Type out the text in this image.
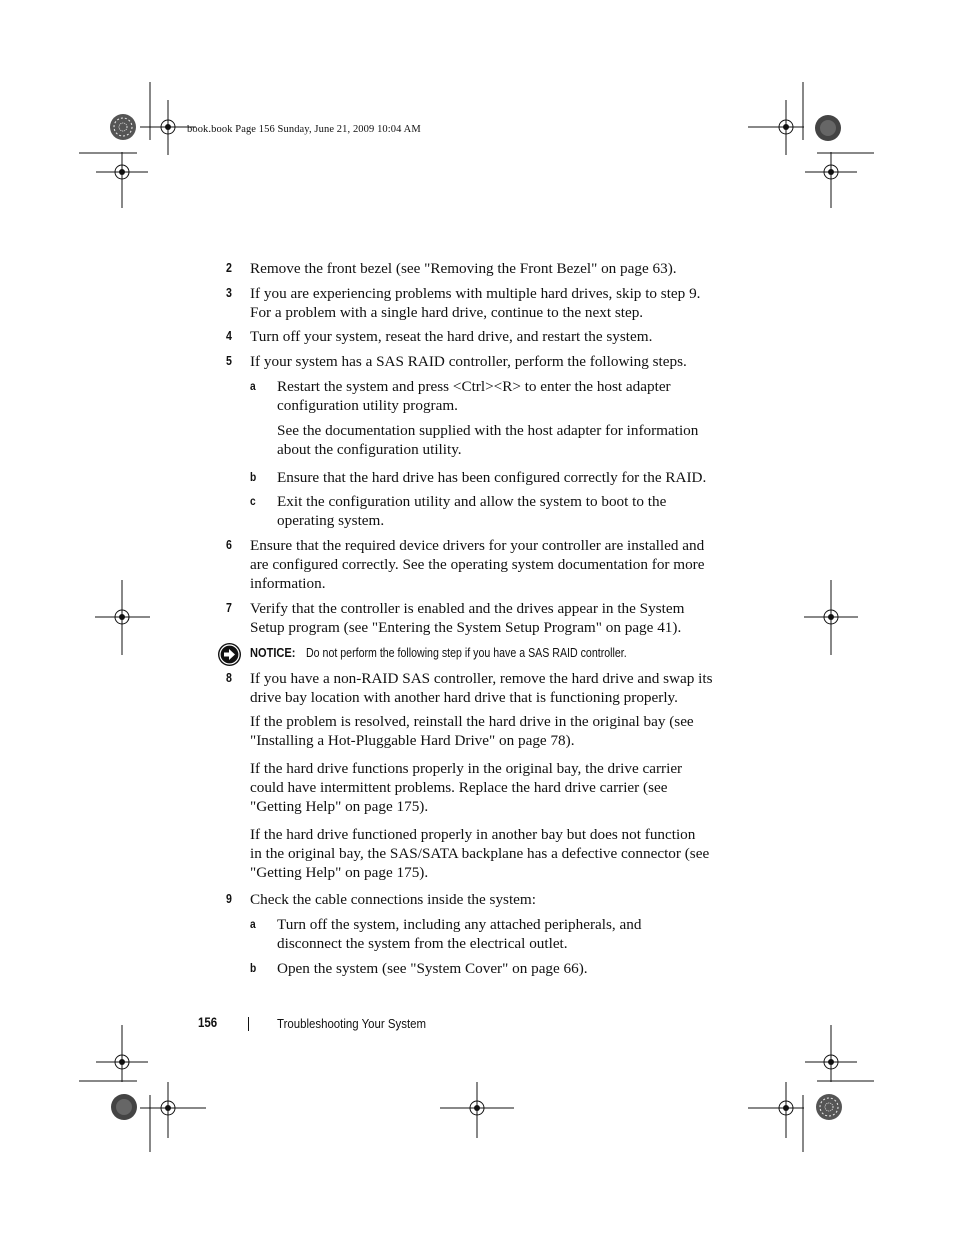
book.book Page 156 Sunday, June 21, 2009 10:04 AM
2 Remove the front bezel (see "Removing the Front Bezel" on page 63).
3 If you are experiencing problems with multiple hard drives, skip to step 9.
For a problem with a single hard drive, continue to the next step.
4 Turn off your system, reseat the hard drive, and restart the system.
5 If your system has a SAS RAID controller, perform the following steps.
a Restart the system and press <Ctrl><R> to enter the host adapter
configuration utility program.
See the documentation supplied with the host adapter for information
about the configuration utility.
b Ensure that the hard drive has been configured correctly for the RAID.
c Exit the configuration utility and allow the system to boot to the
operating system.
6 Ensure that the required device drivers for your controller are installed and
are configured correctly. See the operating system documentation for more
information.
7 Verify that the controller is enabled and the drives appear in the System
Setup program (see "Entering the System Setup Program" on page 41).
NOTICE: Do not perform the following step if you have a SAS RAID controller.
8 If you have a non-RAID SAS controller, remove the hard drive and swap its
drive bay location with another hard drive that is functioning properly.
If the problem is resolved, reinstall the hard drive in the original bay (see
"Installing a Hot-Pluggable Hard Drive" on page 78).
If the hard drive functions properly in the original bay, the drive carrier
could have intermittent problems. Replace the hard drive carrier (see
"Getting Help" on page 175).
If the hard drive functioned properly in another bay but does not function
in the original bay, the SAS/SATA backplane has a defective connector (see
"Getting Help" on page 175).
9 Check the cable connections inside the system:
a Turn off the system, including any attached peripherals, and
disconnect the system from the electrical outlet.
b Open the system (see "System Cover" on page 66).
156	Troubleshooting Your System
